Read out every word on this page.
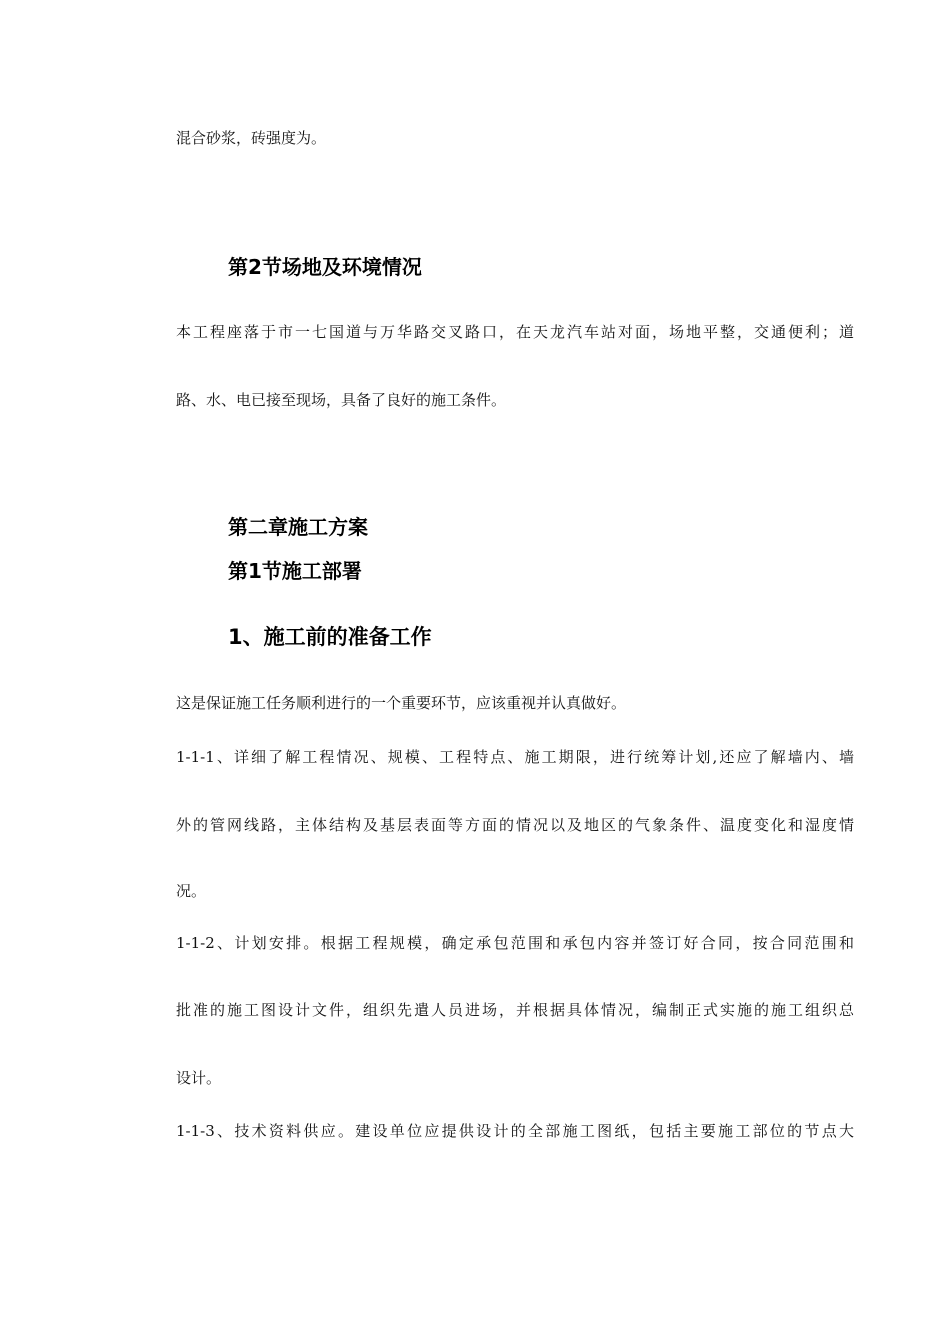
混合砂浆，砖强度为。
第2节场地及环境情况
本工程座落于市一七国道与万华路交叉路口，在天龙汽车站对面，场地平整，交通便利；道
路、水、电已接至现场，具备了良好的施工条件。
第二章施工方案
第1节施工部署
1、施工前的准备工作
这是保证施工任务顺利进行的一个重要环节，应该重视并认真做好。
1-1-1、详细了解工程情况、规模、工程特点、施工期限，进行统筹计划,还应了解墙内、墙
外的管网线路，主体结构及基层表面等方面的情况以及地区的气象条件、温度变化和湿度情
况。
1-1-2、计划安排。根据工程规模，确定承包范围和承包内容并签订好合同，按合同范围和
批准的施工图设计文件，组织先遣人员进场，并根据具体情况，编制正式实施的施工组织总
设计。
1-1-3、技术资料供应。建设单位应提供设计的全部施工图纸，包括主要施工部位的节点大
